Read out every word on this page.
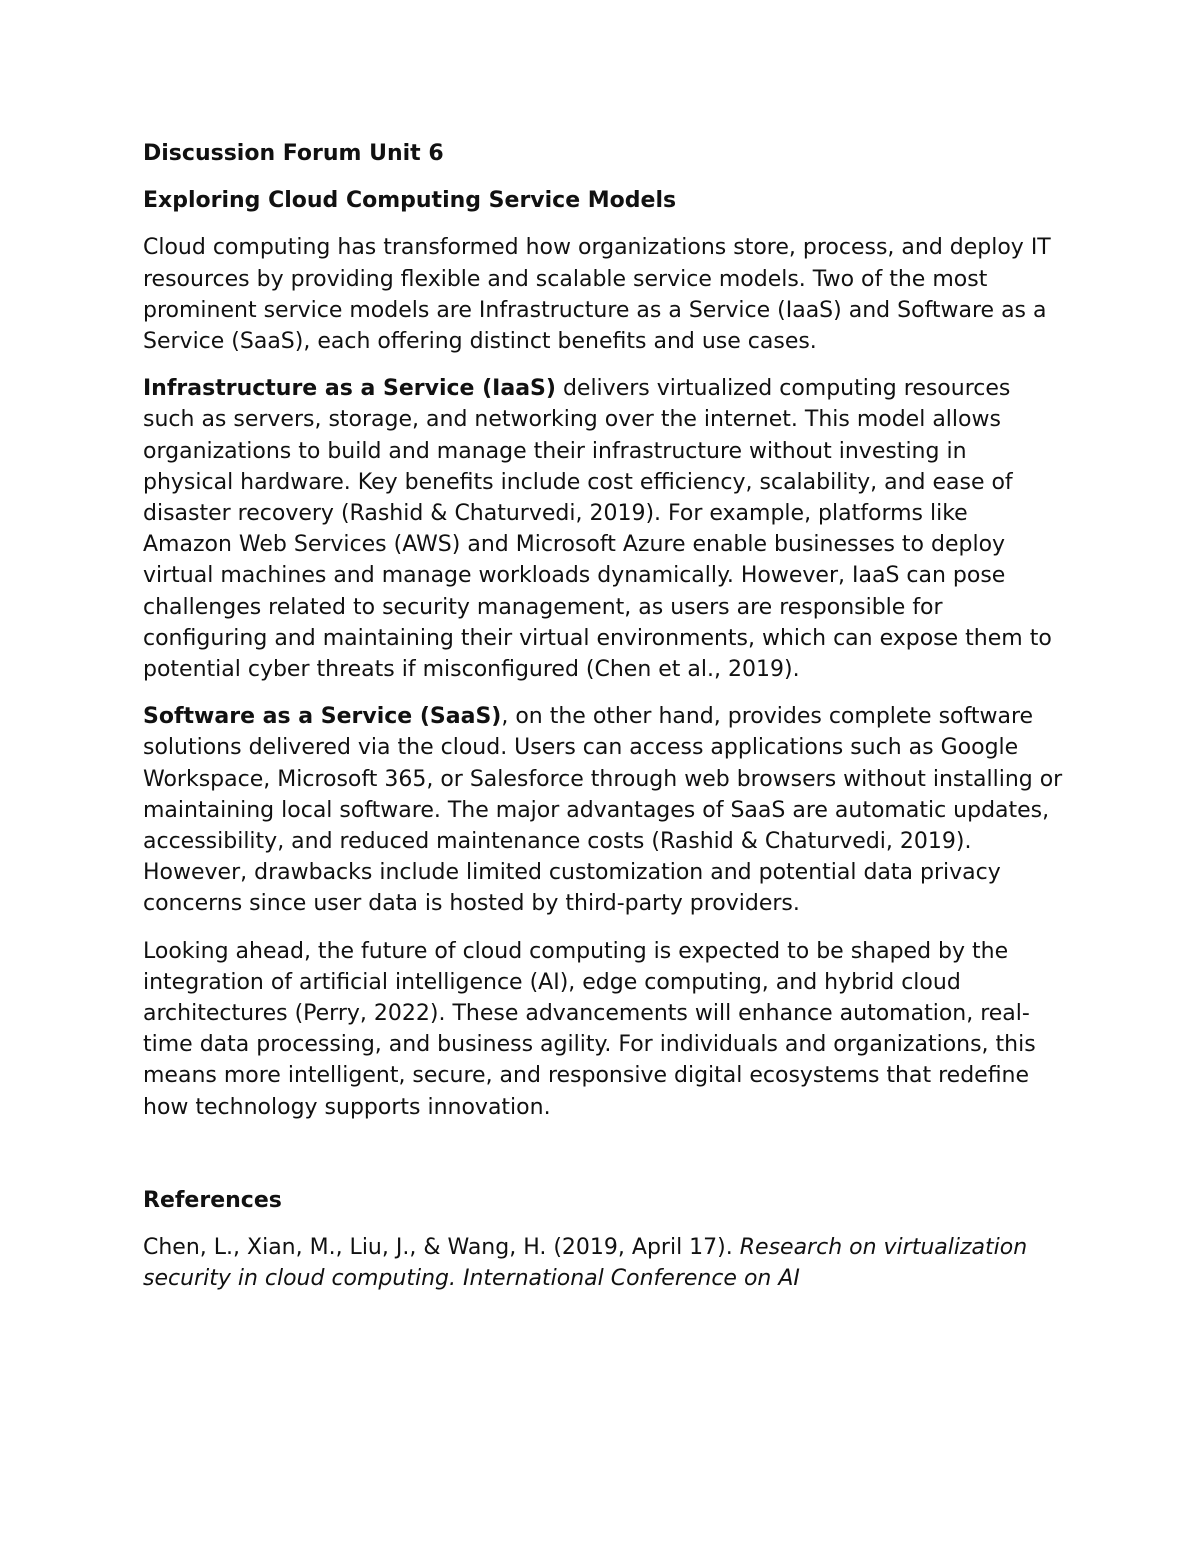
Discussion Forum Unit 6
Exploring Cloud Computing Service Models

Cloud computing has transformed how organizations store, process, and deploy IT resources by providing flexible and scalable service models. Two of the most prominent service models are Infrastructure as a Service (IaaS) and Software as a Service (SaaS), each offering distinct benefits and use cases.

Infrastructure as a Service (IaaS) delivers virtualized computing resources such as servers, storage, and networking over the internet. This model allows organizations to build and manage their infrastructure without investing in physical hardware. Key benefits include cost efficiency, scalability, and ease of disaster recovery (Rashid & Chaturvedi, 2019). For example, platforms like Amazon Web Services (AWS) and Microsoft Azure enable businesses to deploy virtual machines and manage workloads dynamically. However, IaaS can pose challenges related to security management, as users are responsible for configuring and maintaining their virtual environments, which can expose them to potential cyber threats if misconfigured (Chen et al., 2019).

Software as a Service (SaaS), on the other hand, provides complete software solutions delivered via the cloud. Users can access applications such as Google Workspace, Microsoft 365, or Salesforce through web browsers without installing or maintaining local software. The major advantages of SaaS are automatic updates, accessibility, and reduced maintenance costs (Rashid & Chaturvedi, 2019). However, drawbacks include limited customization and potential data privacy concerns since user data is hosted by third-party providers.

Looking ahead, the future of cloud computing is expected to be shaped by the integration of artificial intelligence (AI), edge computing, and hybrid cloud architectures (Perry, 2022). These advancements will enhance automation, real-time data processing, and business agility. For individuals and organizations, this means more intelligent, secure, and responsive digital ecosystems that redefine how technology supports innovation.

References

Chen, L., Xian, M., Liu, J., & Wang, H. (2019, April 17). Research on virtualization security in cloud computing. International Conference on AI
